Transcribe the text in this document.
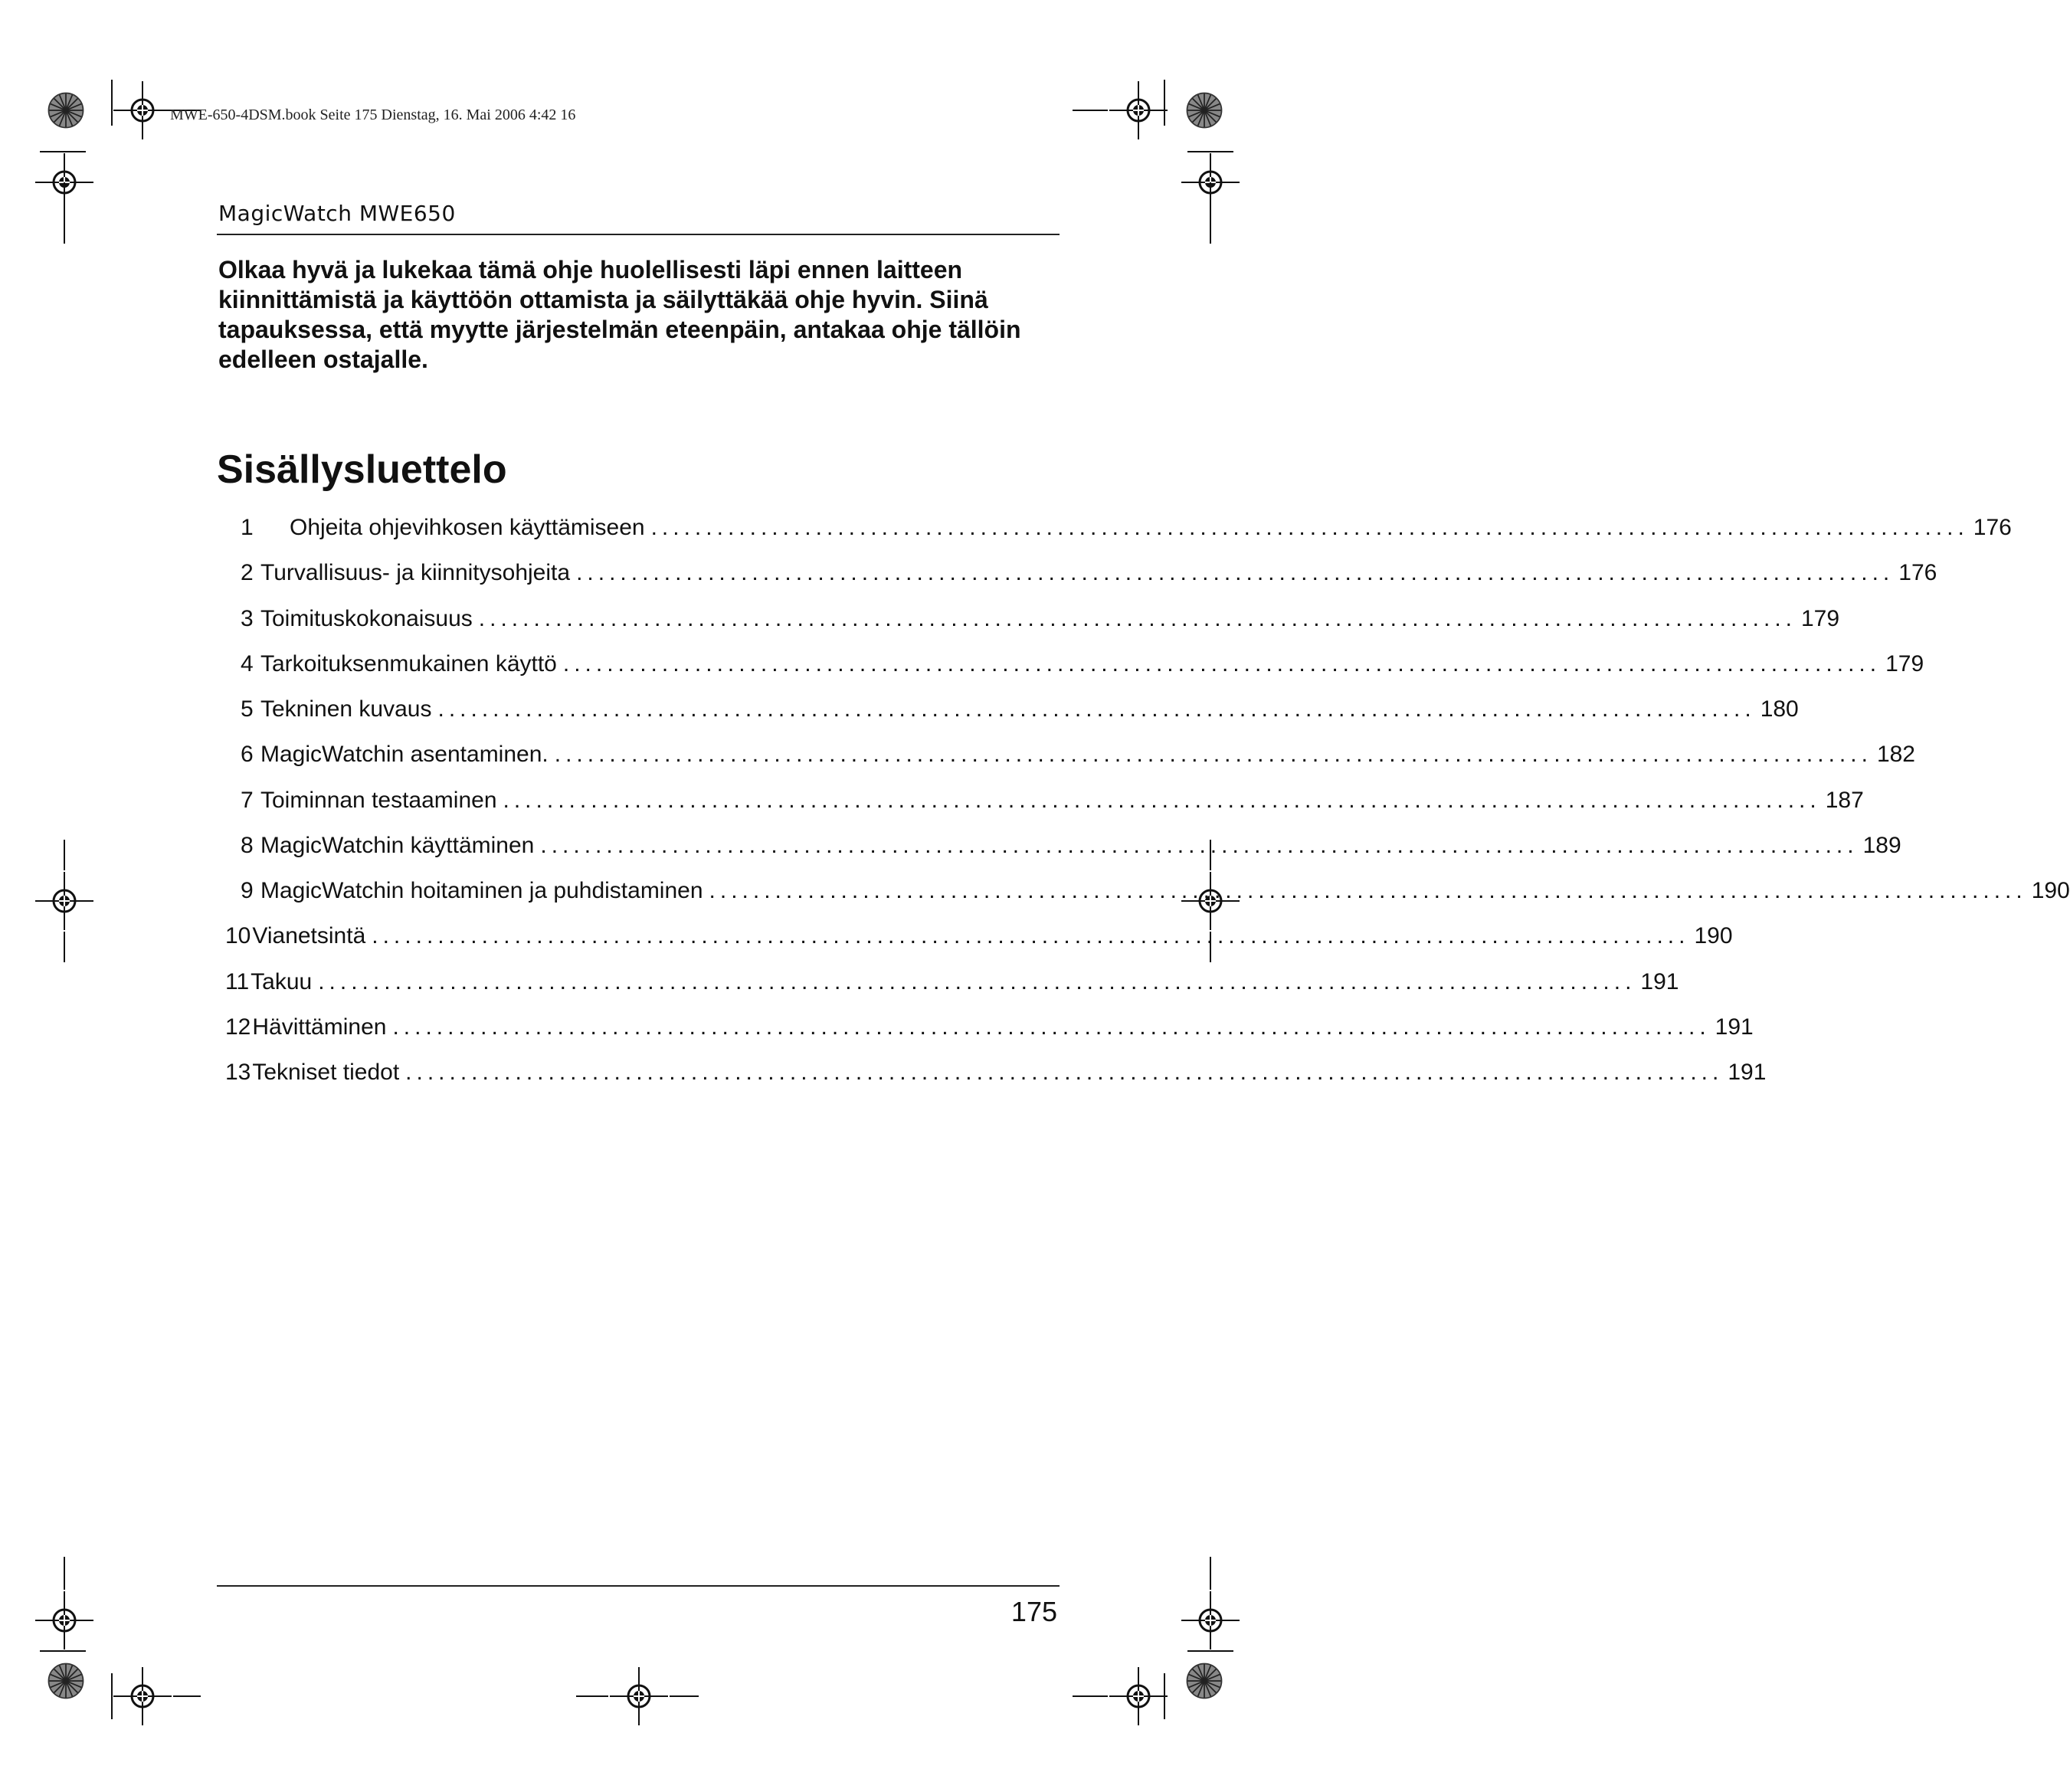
MWE-650-4DSM.book Seite 175 Dienstag, 16. Mai 2006 4:42 16
MagicWatch MWE650
Olkaa hyvä ja lukekaa tämä ohje huolellisesti läpi ennen laitteen kiinnittämistä ja käyttöön ottamista ja säilyttäkää ohje hyvin. Siinä tapauksessa, että myytte järjestelmän eteenpäin, antakaa ohje tällöin edelleen ostajalle.
Sisällysluettelo
1	Ohjeita ohjevihkosen käyttämiseen ........................................................................................................................ 176
2 Turvallisuus- ja kiinnitysohjeita ........................................................................................................................ 176
3 Toimituskokonaisuus ........................................................................................................................ 179
4 Tarkoituksenmukainen käyttö ........................................................................................................................ 179
5 Tekninen kuvaus ........................................................................................................................ 180
6 MagicWatchin asentaminen. ........................................................................................................................ 182
7 Toiminnan testaaminen ........................................................................................................................ 187
8 MagicWatchin käyttäminen ........................................................................................................................ 189
9 MagicWatchin hoitaminen ja puhdistaminen ........................................................................................................................ 190
10 Vianetsintä ........................................................................................................................ 190
11 Takuu ........................................................................................................................ 191
12 Hävittäminen ........................................................................................................................ 191
13 Tekniset tiedot ........................................................................................................................ 191
175
